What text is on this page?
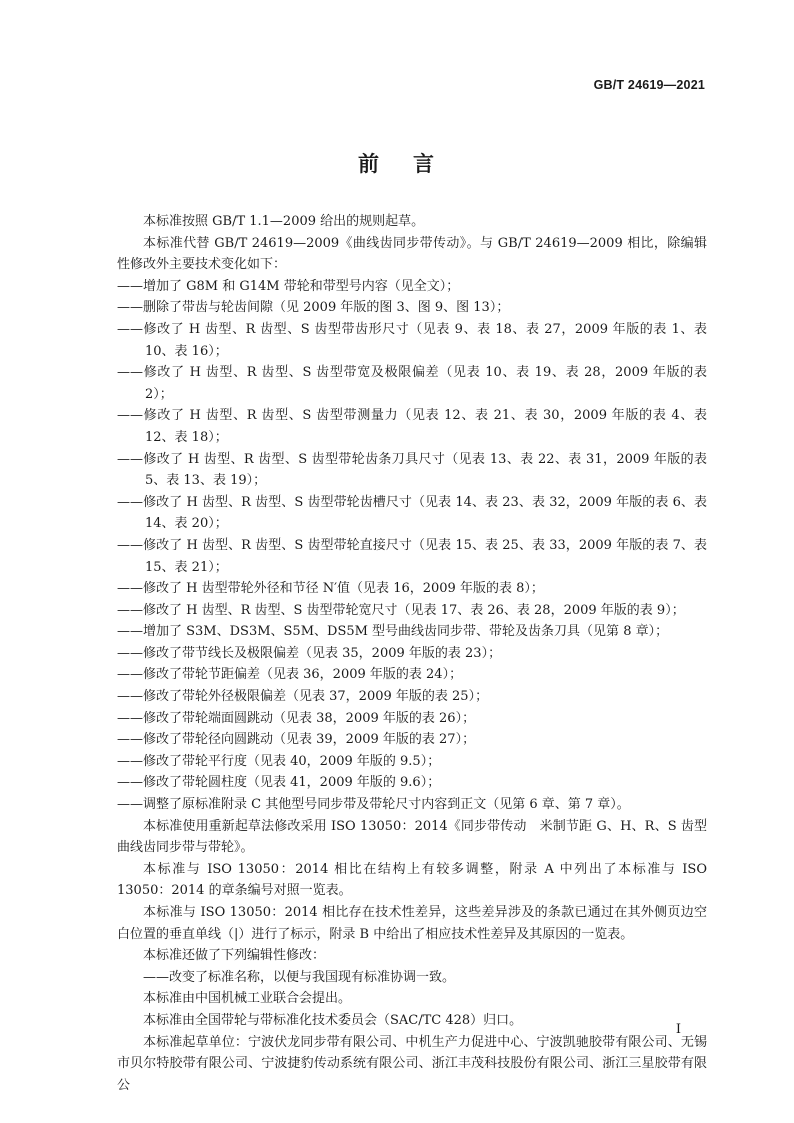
GB/T 24619—2021
前 言

本标准按照 GB/T 1.1—2009 给出的规则起草。

本标准代替 GB/T 24619—2009《曲线齿同步带传动》。与 GB/T 24619—2009 相比，除编辑性修改外主要技术变化如下：

——增加了 G8M 和 G14M 带轮和带型号内容（见全文）；

——删除了带齿与轮齿间隙（见 2009 年版的图 3、图 9、图 13）；

——修改了 H 齿型、R 齿型、S 齿型带齿形尺寸（见表 9、表 18、表 27，2009 年版的表 1、表 10、表 16）；

——修改了 H 齿型、R 齿型、S 齿型带宽及极限偏差（见表 10、表 19、表 28，2009 年版的表 2）；

——修改了 H 齿型、R 齿型、S 齿型带测量力（见表 12、表 21、表 30，2009 年版的表 4、表 12、表 18）；

——修改了 H 齿型、R 齿型、S 齿型带轮齿条刀具尺寸（见表 13、表 22、表 31，2009 年版的表 5、表 13、表 19）；

——修改了 H 齿型、R 齿型、S 齿型带轮齿槽尺寸（见表 14、表 23、表 32，2009 年版的表 6、表 14、表 20）；

——修改了 H 齿型、R 齿型、S 齿型带轮直接尺寸（见表 15、表 25、表 33，2009 年版的表 7、表 15、表 21）；

——修改了 H 齿型带轮外径和节径 N′值（见表 16，2009 年版的表 8）；

——修改了 H 齿型、R 齿型、S 齿型带轮宽尺寸（见表 17、表 26、表 28，2009 年版的表 9）；

——增加了 S3M、DS3M、S5M、DS5M 型号曲线齿同步带、带轮及齿条刀具（见第 8 章）；

——修改了带节线长及极限偏差（见表 35，2009 年版的表 23）；

——修改了带轮节距偏差（见表 36，2009 年版的表 24）；

——修改了带轮外径极限偏差（见表 37，2009 年版的表 25）；

——修改了带轮端面圆跳动（见表 38，2009 年版的表 26）；

——修改了带轮径向圆跳动（见表 39，2009 年版的表 27）；

——修改了带轮平行度（见表 40，2009 年版的 9.5）；

——修改了带轮圆柱度（见表 41，2009 年版的 9.6）；

——调整了原标准附录 C 其他型号同步带及带轮尺寸内容到正文（见第 6 章、第 7 章）。

本标准使用重新起草法修改采用 ISO 13050：2014《同步带传动　米制节距 G、H、R、S 齿型曲线齿同步带与带轮》。

本标准与 ISO 13050：2014 相比在结构上有较多调整，附录 A 中列出了本标准与 ISO 13050：2014 的章条编号对照一览表。

本标准与 ISO 13050：2014 相比存在技术性差异，这些差异涉及的条款已通过在其外侧页边空白位置的垂直单线（|）进行了标示，附录 B 中给出了相应技术性差异及其原因的一览表。

本标准还做了下列编辑性修改：

——改变了标准名称，以便与我国现有标准协调一致。

本标准由中国机械工业联合会提出。

本标准由全国带轮与带标准化技术委员会（SAC/TC 428）归口。

本标准起草单位：宁波伏龙同步带有限公司、中机生产力促进中心、宁波凯驰胶带有限公司、无锡市贝尔特胶带有限公司、宁波捷豹传动系统有限公司、浙江丰茂科技股份有限公司、浙江三星胶带有限公

I
